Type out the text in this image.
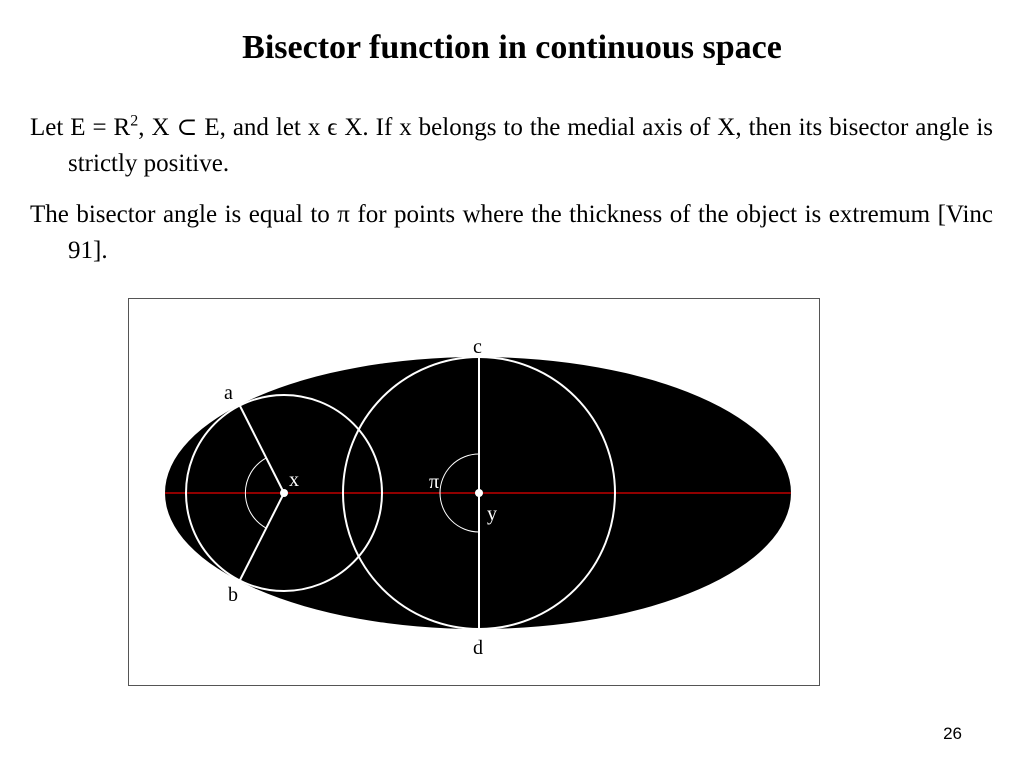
Bisector function in continuous space
Let $E = R^2$, X ⊂ E, and let x ϵ X. If x belongs to the medial axis of X, then its bisector angle is strictly positive.
The bisector angle is equal to π for points where the thickness of the object is extremum [Vinc 91].
a
b
c
d
x
y
π
26
